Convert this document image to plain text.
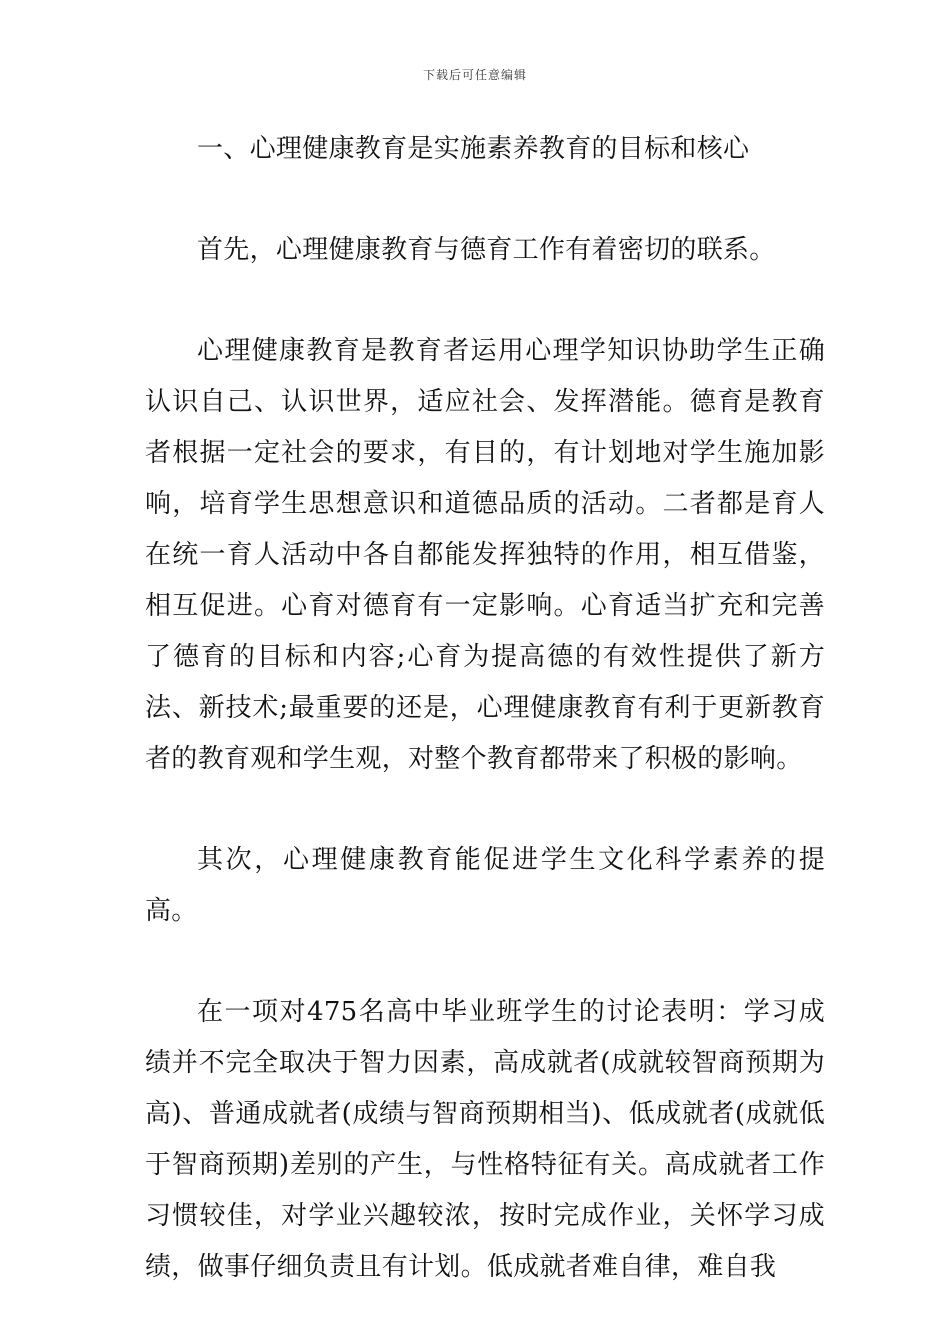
下载后可任意编辑

一、心理健康教育是实施素养教育的目标和核心

首先，心理健康教育与德育工作有着密切的联系。

心理健康教育是教育者运用心理学知识协助学生正确认识自己、认识世界，适应社会、发挥潜能。德育是教育者根据一定社会的要求，有目的，有计划地对学生施加影响，培育学生思想意识和道德品质的活动。二者都是育人在统一育人活动中各自都能发挥独特的作用，相互借鉴，相互促进。心育对德育有一定影响。心育适当扩充和完善了德育的目标和内容;心育为提高德的有效性提供了新方法、新技术;最重要的还是，心理健康教育有利于更新教育者的教育观和学生观，对整个教育都带来了积极的影响。

其次，心理健康教育能促进学生文化科学素养的提高。

在一项对475名高中毕业班学生的讨论表明：学习成绩并不完全取决于智力因素，高成就者(成就较智商预期为高)、普通成就者(成绩与智商预期相当)、低成就者(成就低于智商预期)差别的产生，与性格特征有关。高成就者工作习惯较佳，对学业兴趣较浓，按时完成作业，关怀学习成绩，做事仔细负责且有计划。低成就者难自律，难自我
